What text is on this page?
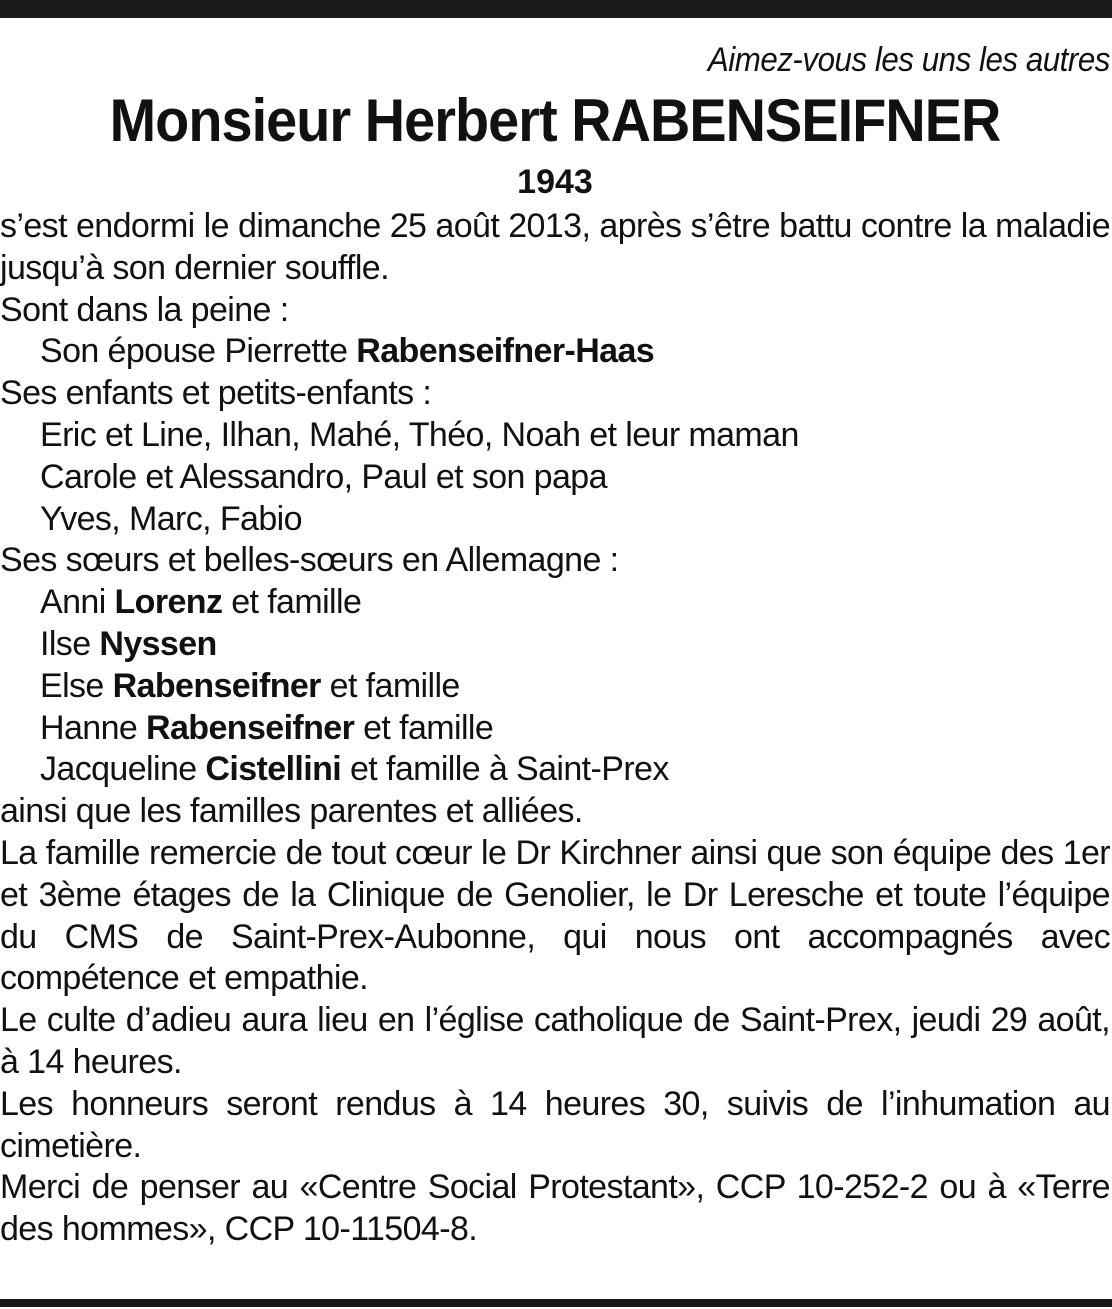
Aimez-vous les uns les autres
Monsieur Herbert RABENSEIFNER
1943
s’est endormi le dimanche 25 août 2013, après s’être battu contre la maladie jusqu’à son dernier souffle.
Sont dans la peine :
Son épouse Pierrette Rabenseifner-Haas
Ses enfants et petits-enfants :
Eric et Line, Ilhan, Mahé, Théo, Noah et leur maman
Carole et Alessandro, Paul et son papa
Yves, Marc, Fabio
Ses sœurs et belles-sœurs en Allemagne :
Anni Lorenz et famille
Ilse Nyssen
Else Rabenseifner et famille
Hanne Rabenseifner et famille
Jacqueline Cistellini et famille à Saint-Prex
ainsi que les familles parentes et alliées.
La famille remercie de tout cœur le Dr Kirchner ainsi que son équipe des 1er et 3ème étages de la Clinique de Genolier, le Dr Leresche et toute l’équipe du CMS de Saint-Prex-Aubonne, qui nous ont accompagnés avec compétence et empathie.
Le culte d’adieu aura lieu en l’église catholique de Saint-Prex, jeudi 29 août, à 14 heures.
Les honneurs seront rendus à 14 heures 30, suivis de l’inhumation au cimetière.
Merci de penser au «Centre Social Protestant», CCP 10-252-2 ou à «Terre des hommes», CCP 10-11504-8.
